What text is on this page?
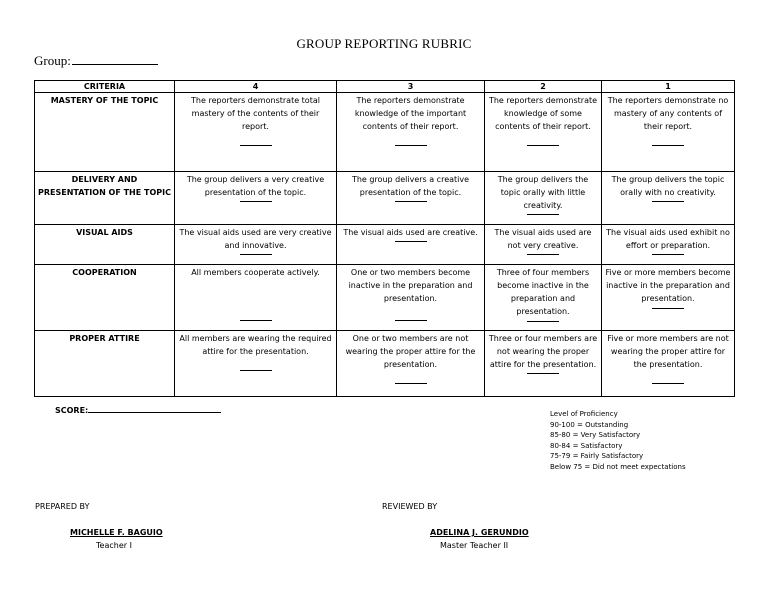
GROUP REPORTING RUBRIC
Group:
CRITERIA	4	3	2	1
MASTERY OF THE TOPIC	The reporters demonstrate total mastery of the contents of their report.	The reporters demonstrate knowledge of the important contents of their report.	The reporters demonstrate knowledge of some contents of their report.	The reporters demonstrate no mastery of any contents of their report.

DELIVERY AND PRESENTATION OF THE TOPIC	The group delivers a very creative presentation of the topic.	The group delivers a creative presentation of the topic.	The group delivers the topic orally with little creativity.	The group delivers the topic orally with no creativity.

VISUAL AIDS	The visual aids used are very creative and innovative.	The visual aids used are creative.	The visual aids used are not very creative.	The visual aids used exhibit no effort or preparation.

COOPERATION	All members cooperate actively.	One or two members become inactive in the preparation and presentation.	Three of four members become inactive in the preparation and presentation.	Five or more members become inactive in the preparation and presentation.

PROPER ATTIRE	All members are wearing the required attire for the presentation.	One or two members are not wearing the proper attire for the presentation.	Three or four members are not wearing the proper attire for the presentation.	Five or more members are not wearing the proper attire for the presentation.
SCORE:	Level of Proficiency
90-100 = Outstanding
85-80 = Very Satisfactory
80-84 = Satisfactory
75-79 = Fairly Satisfactory
Below 75 = Did not meet expectations
PREPARED BY	REVIEWED BY
MICHELLE F. BAGUIO
Teacher I
ADELINA J. GERUNDIO
Master Teacher II
